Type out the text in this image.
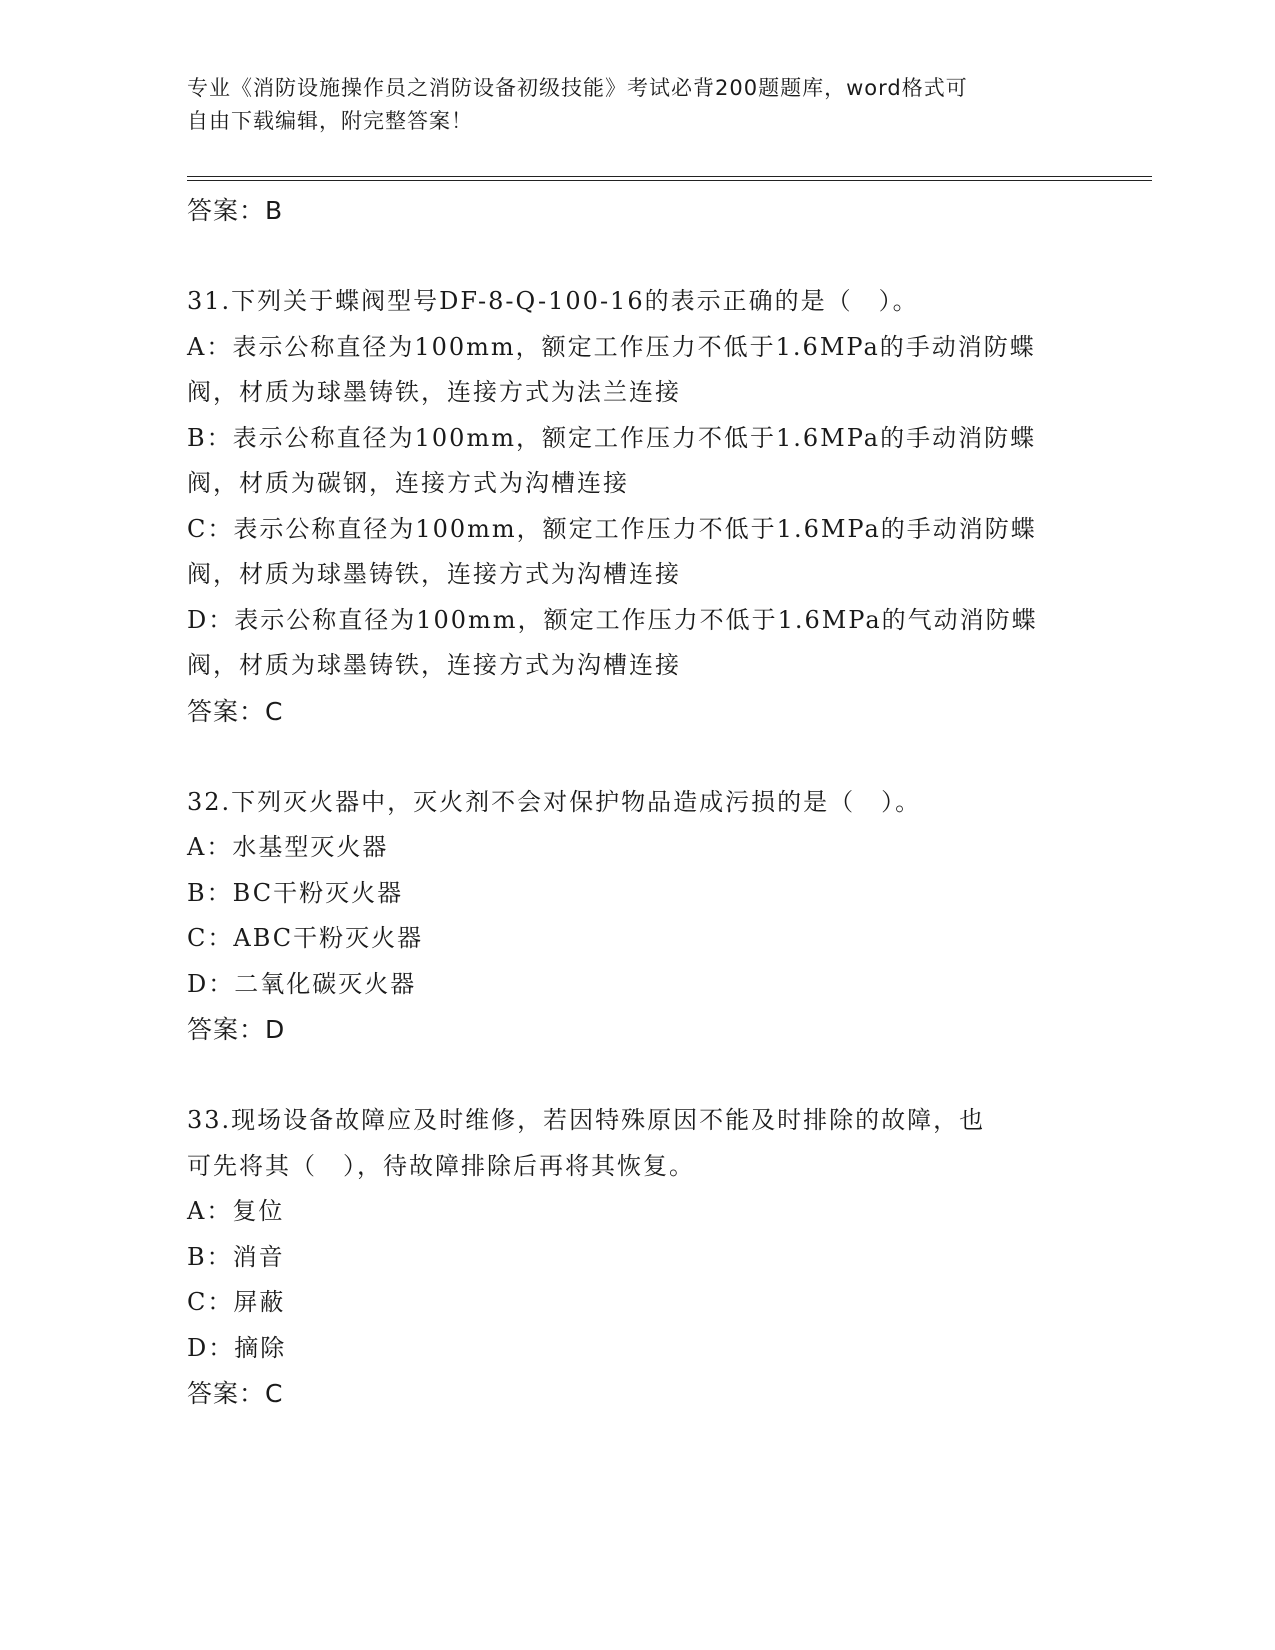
专业《消防设施操作员之消防设备初级技能》考试必背200题题库，word格式可
自由下载编辑，附完整答案！
答案：B
31.下列关于蝶阀型号DF-8-Q-100-16的表示正确的是（　）。
A：表示公称直径为100mm，额定工作压力不低于1.6MPa的手动消防蝶
阀，材质为球墨铸铁，连接方式为法兰连接
B：表示公称直径为100mm，额定工作压力不低于1.6MPa的手动消防蝶
阀，材质为碳钢，连接方式为沟槽连接
C：表示公称直径为100mm，额定工作压力不低于1.6MPa的手动消防蝶
阀，材质为球墨铸铁，连接方式为沟槽连接
D：表示公称直径为100mm，额定工作压力不低于1.6MPa的气动消防蝶
阀，材质为球墨铸铁，连接方式为沟槽连接
答案：C
32.下列灭火器中，灭火剂不会对保护物品造成污损的是（　）。
A：水基型灭火器
B：BC干粉灭火器
C：ABC干粉灭火器
D：二氧化碳灭火器
答案：D
33.现场设备故障应及时维修，若因特殊原因不能及时排除的故障，也
可先将其（　），待故障排除后再将其恢复。
A：复位
B：消音
C：屏蔽
D：摘除
答案：C
